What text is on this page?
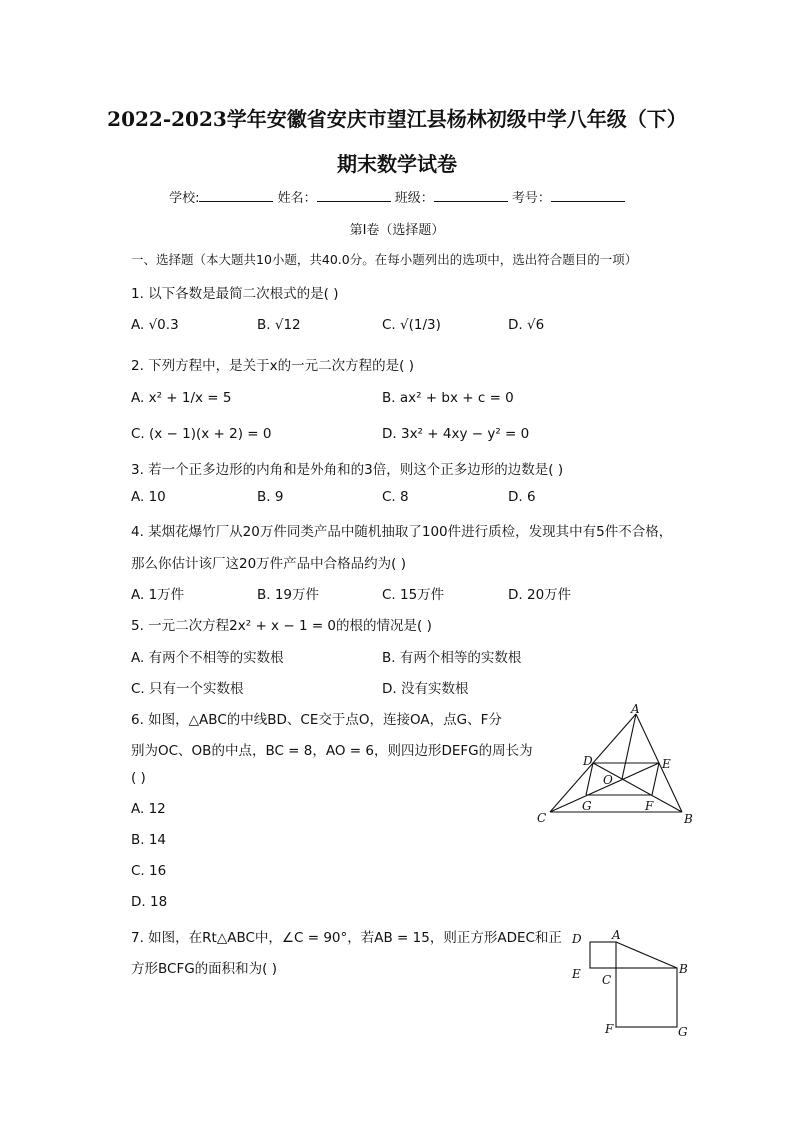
2022-2023学年安徽省安庆市望江县杨林初级中学八年级（下）
期末数学试卷
学校:	姓名：	班级：	考号：
第I卷（选择题）
一、选择题（本大题共10小题，共40.0分。在每小题列出的选项中，选出符合题目的一项）
1. 以下各数是最简二次根式的是( )
A. √0.3	B. √12	C. √(1/3)	D. √6
2. 下列方程中，是关于x的一元二次方程的是( )
A. x² + 1/x = 5	B. ax² + bx + c = 0
C. (x − 1)(x + 2) = 0	D. 3x² + 4xy − y² = 0
3. 若一个正多边形的内角和是外角和的3倍，则这个正多边形的边数是( )
A. 10	B. 9	C. 8	D. 6
4. 某烟花爆竹厂从20万件同类产品中随机抽取了100件进行质检，发现其中有5件不合格，
那么你估计该厂这20万件产品中合格品约为( )
A. 1万件	B. 19万件	C. 15万件	D. 20万件
5. 一元二次方程2x² + x − 1 = 0的根的情况是( )
A. 有两个不相等的实数根	B. 有两个相等的实数根
C. 只有一个实数根	D. 没有实数根
6. 如图，△ABC的中线BD、CE交于点O，连接OA，点G、F分
别为OC、OB的中点，BC = 8，AO = 6，则四边形DEFG的周长为
( )
A. 12
B. 14
C. 16
D. 18
A
B
C
D	E
F
G
O
7. 如图，在Rt△ABC中，∠C = 90°，若AB = 15，则正方形ADEC和正
方形BCFG的面积和为( )
A
B
C
D
E
F	G
